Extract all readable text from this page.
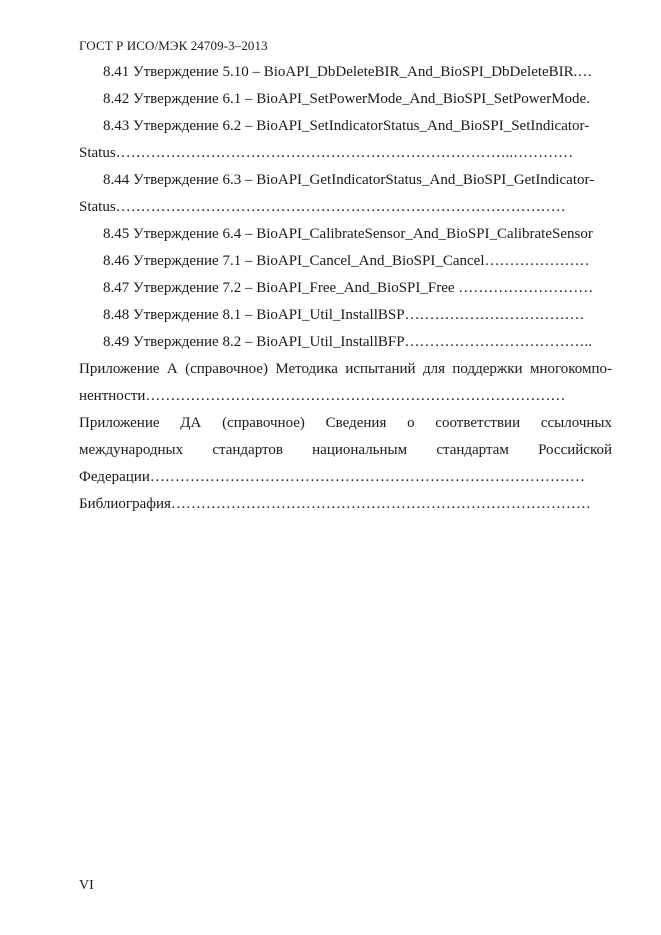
ГОСТ Р ИСО/МЭК 24709-3–2013
8.41 Утверждение 5.10 – BioAPI_DbDeleteBIR_And_BioSPI_DbDeleteBIR.…
8.42 Утверждение 6.1 – BioAPI_SetPowerMode_And_BioSPI_SetPowerMode.
8.43 Утверждение 6.2 – BioAPI_SetIndicatorStatus_And_BioSPI_SetIndicator-
Status……………………………………………………………………..…………
8.44 Утверждение 6.3 – BioAPI_GetIndicatorStatus_And_BioSPI_GetIndicator-
Status………………………………………………………………………………
8.45 Утверждение 6.4 – BioAPI_CalibrateSensor_And_BioSPI_CalibrateSensor
8.46 Утверждение 7.1 – BioAPI_Cancel_And_BioSPI_Cancel…………………
8.47 Утверждение 7.2 – BioAPI_Free_And_BioSPI_Free ………………………
8.48 Утверждение 8.1 – BioAPI_Util_InstallBSP………………………………
8.49 Утверждение 8.2 – BioAPI_Util_InstallBFP………………………………..
Приложение А (справочное) Методика испытаний для поддержки многокомпо-
нентности…………………………………………………………………………
Приложение ДА (справочное) Сведения о соответствии ссылочных
международных стандартов национальным стандартам Российской
Федерации……………………………………………………………………………
Библиография…………………………………………………………………………
VI
